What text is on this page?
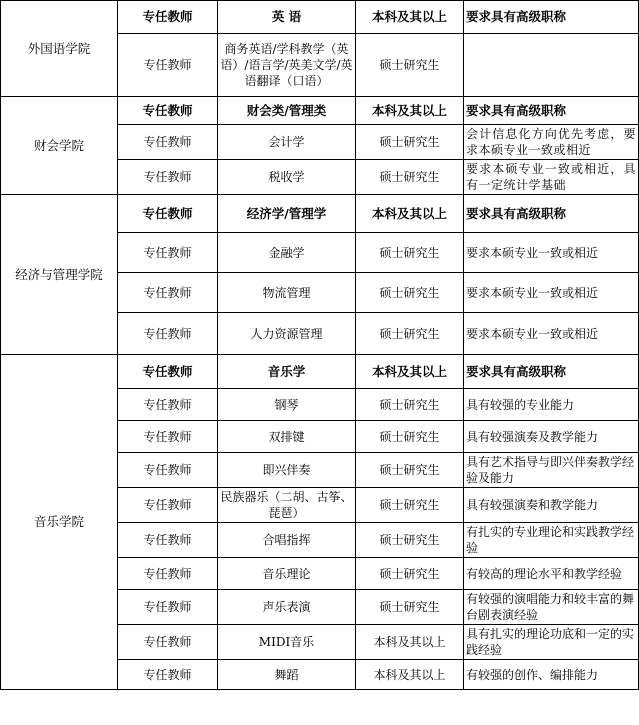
外国语学院	专任教师	英 语	本科及其以上	要求具有高级职称
	专任教师	商务英语/学科教学（英语）/语言学/英美文学/英语翻译（口语）	硕士研究生	
财会学院	专任教师	财会类/管理类	本科及其以上	要求具有高级职称
	专任教师	会计学	硕士研究生	会计信息化方向优先考虑，要求本硕专业一致或相近
	专任教师	税收学	硕士研究生	要求本硕专业一致或相近，具有一定统计学基础
经济与管理学院	专任教师	经济学/管理学	本科及其以上	要求具有高级职称
	专任教师	金融学	硕士研究生	要求本硕专业一致或相近
	专任教师	物流管理	硕士研究生	要求本硕专业一致或相近
	专任教师	人力资源管理	硕士研究生	要求本硕专业一致或相近
音乐学院	专任教师	音乐学	本科及其以上	要求具有高级职称
	专任教师	钢琴	硕士研究生	具有较强的专业能力
	专任教师	双排键	硕士研究生	具有较强演奏及教学能力
	专任教师	即兴伴奏	硕士研究生	具有艺术指导与即兴伴奏教学经验及能力
	专任教师	民族器乐（二胡、古筝、琵琶）	硕士研究生	具有较强演奏和教学能力
	专任教师	合唱指挥	硕士研究生	有扎实的专业理论和实践教学经验
	专任教师	音乐理论	硕士研究生	有较高的理论水平和教学经验
	专任教师	声乐表演	硕士研究生	有较强的演唱能力和较丰富的舞台剧表演经验
	专任教师	MIDI音乐	本科及其以上	具有扎实的理论功底和一定的实践经验
	专任教师	舞蹈	本科及其以上	有较强的创作、编排能力
